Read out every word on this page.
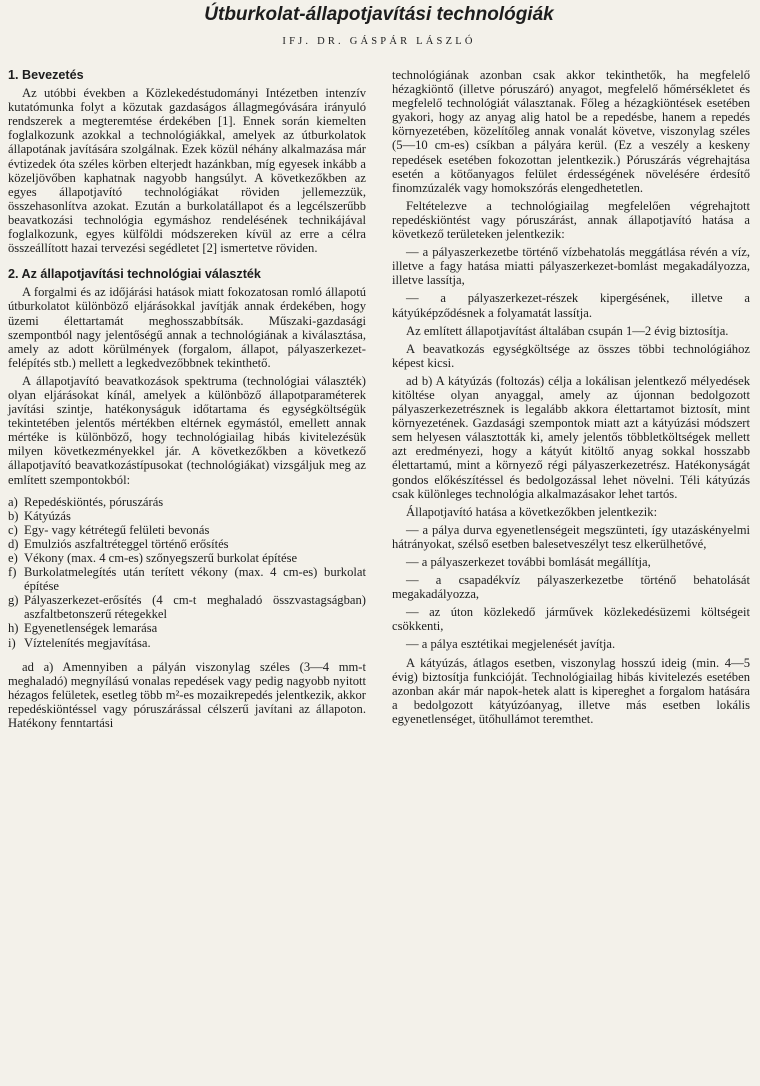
Útburkolat-állapotjavítási technológiák
IFJ. DR. GÁSPÁR LÁSZLÓ

1. Bevezetés

Az utóbbi években a Közlekedéstudományi Intézetben intenzív kutatómunka folyt a közutak gazdaságos állagmegóvására irányuló rendszerek a megteremtése érdekében [1]. Ennek során kiemelten foglalkozunk azokkal a technológiákkal, amelyek az útburkolatok állapotának javítására szolgálnak. Ezek közül néhány alkalmazása már évtizedek óta széles körben elterjedt hazánkban, míg egyesek inkább a közeljövőben kaphatnak nagyobb hangsúlyt. A következőkben az egyes állapotjavító technológiákat röviden jellemezzük, összehasonlítva azokat. Ezután a burkolatállapot és a legcélszerűbb beavatkozási technológia egymáshoz rendelésének technikájával foglalkozunk, egyes külföldi módszereken kívül az erre a célra összeállított hazai tervezési segédletet [2] ismertetve röviden.

2. Az állapotjavítási technológiai választék

A forgalmi és az időjárási hatások miatt fokozatosan romló állapotú útburkolatot különböző eljárásokkal javítják annak érdekében, hogy üzemi élettartamát meghosszabbítsák. Műszaki-gazdasági szempontból nagy jelentőségű annak a technológiának a kiválasztása, amely az adott körülmények (forgalom, állapot, pályaszerkezet-felépítés stb.) mellett a legkedvezőbbnek tekinthető.

A állapotjavító beavatkozások spektruma (technológiai választék) olyan eljárásokat kínál, amelyek a különböző állapotparaméterek javítási szintje, hatékonyságuk időtartama és egységköltségük tekintetében jelentős mértékben eltérnek egymástól, emellett annak mértéke is különböző, hogy technológiailag hibás kivitelezésük milyen következményekkel jár. A következőkben a következő állapotjavító beavatkozástípusokat (technológiákat) vizsgáljuk meg az említett szempontokból:

a) Repedéskiöntés, póruszárás
b) Kátyúzás
c) Egy- vagy kétrétegű felületi bevonás
d) Emulziós aszfaltréteggel történő erősítés
e) Vékony (max. 4 cm-es) szőnyegszerű burkolat építése
f) Burkolatmelegítés után terített vékony (max. 4 cm-es) burkolat építése
g) Pályaszerkezet-erősítés (4 cm-t meghaladó összvastagságban) aszfaltbetonszerű rétegekkel
h) Egyenetlenségek lemarása
i) Víztelenítés megjavítása.

ad a) Amennyiben a pályán viszonylag széles (3—4 mm-t meghaladó) megnyílású vonalas repedések vagy pedig nagyobb nyitott hézagos felületek, esetleg több m²-es mozaikrepedés jelentkezik, akkor repedéskiöntéssel vagy póruszárással célszerű javítani az állapoton. Hatékony fenntartási

technológiának azonban csak akkor tekinthetők, ha megfelelő hézagkiöntő (illetve póruszáró) anyagot, megfelelő hőmérsékletet és megfelelő technológiát választanak. Főleg a hézagkiöntések esetében gyakori, hogy az anyag alig hatol be a repedésbe, hanem a repedés környezetében, közelítőleg annak vonalát követve, viszonylag széles (5—10 cm-es) csíkban a pályára kerül. (Ez a veszély a keskeny repedések esetében fokozottan jelentkezik.) Póruszárás végrehajtása esetén a kötőanyagos felület érdességének növelésére érdesítő finomzúzalék vagy homokszórás elengedhetetlen.

Feltételezve a technológiailag megfelelően végrehajtott repedéskiöntést vagy póruszárást, annak állapotjavító hatása a következő területeken jelentkezik:

— a pályaszerkezetbe történő vízbehatolás meggátlása révén a víz, illetve a fagy hatása miatti pályaszerkezet-bomlást megakadályozza, illetve lassítja,

— a pályaszerkezet-részek kipergésének, illetve a kátyúképződésnek a folyamatát lassítja.

Az említett állapotjavítást általában csupán 1—2 évig biztosítja.

A beavatkozás egységköltsége az összes többi technológiához képest kicsi.

ad b) A kátyúzás (foltozás) célja a lokálisan jelentkező mélyedések kitöltése olyan anyaggal, amely az újonnan bedolgozott pályaszerkezetrésznek is legalább akkora élettartamot biztosít, mint környezetének. Gazdasági szempontok miatt azt a kátyúzási módszert sem helyesen választották ki, amely jelentős többletköltségek mellett azt eredményezi, hogy a kátyút kitöltő anyag sokkal hosszabb élettartamú, mint a környező régi pályaszerkezetrész. Hatékonyságát gondos előkészítéssel és bedolgozással lehet növelni. Téli kátyúzás csak különleges technológia alkalmazásakor lehet tartós.

Állapotjavító hatása a következőkben jelentkezik:

— a pálya durva egyenetlenségeit megszünteti, így utazáskényelmi hátrányokat, szélső esetben balesetveszélyt tesz elkerülhetővé,

— a pályaszerkezet további bomlását megállítja,

— a csapadékvíz pályaszerkezetbe történő behatolását megakadályozza,

— az úton közlekedő járművek közlekedésüzemi költségeit csökkenti,

— a pálya esztétikai megjelenését javítja.

A kátyúzás, átlagos esetben, viszonylag hosszú ideig (min. 4—5 évig) biztosítja funkcióját. Technológiailag hibás kivitelezés esetében azonban akár már napok-hetek alatt is kipereghet a forgalom hatására a bedolgozott kátyúzóanyag, illetve más esetben lokális egyenetlenséget, ütőhullámot teremthet.
